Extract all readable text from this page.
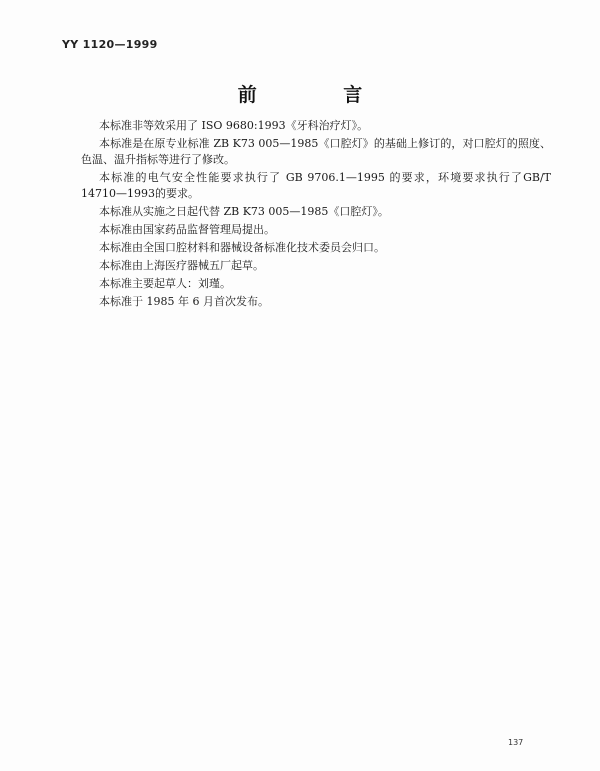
YY 1120—1999
前 言

本标准非等效采用了 ISO 9680:1993《牙科治疗灯》。

本标准是在原专业标准 ZB K73 005—1985《口腔灯》的基础上修订的，对口腔灯的照度、色温、温升指标等进行了修改。

本标准的电气安全性能要求执行了 GB 9706.1—1995 的要求，环境要求执行了GB/T 14710—1993的要求。

本标准从实施之日起代替 ZB K73 005—1985《口腔灯》。

本标准由国家药品监督管理局提出。

本标准由全国口腔材料和器械设备标准化技术委员会归口。

本标准由上海医疗器械五厂起草。

本标准主要起草人：刘瑾。

本标准于 1985 年 6 月首次发布。

137
